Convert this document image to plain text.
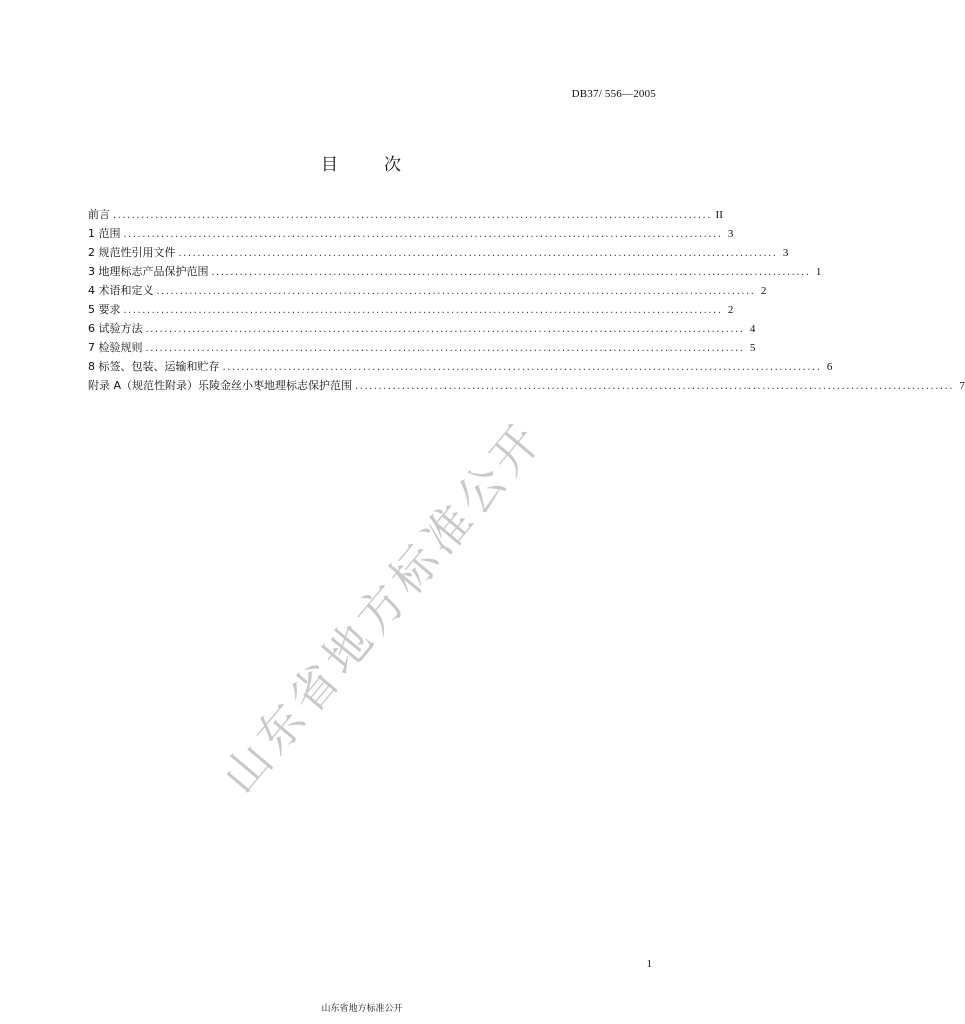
DB37/ 556—2005
目	次
前言 ................................................................................................................................ II
1 范围 ................................................................................................................................ 3
2 规范性引用文件 ................................................................................................................................ 3
3 地理标志产品保护范围 ................................................................................................................................ 1
4 术语和定义 ................................................................................................................................ 2
5 要求 ................................................................................................................................ 2
6 试验方法 ................................................................................................................................ 4
7 检验规则 ................................................................................................................................ 5
8 标签、包装、运输和贮存 ................................................................................................................................ 6
附录 A（规范性附录）乐陵金丝小枣地理标志保护范围 ................................................................................................................................ 7
山东省地方标准公开
1
山东省地方标准公开
